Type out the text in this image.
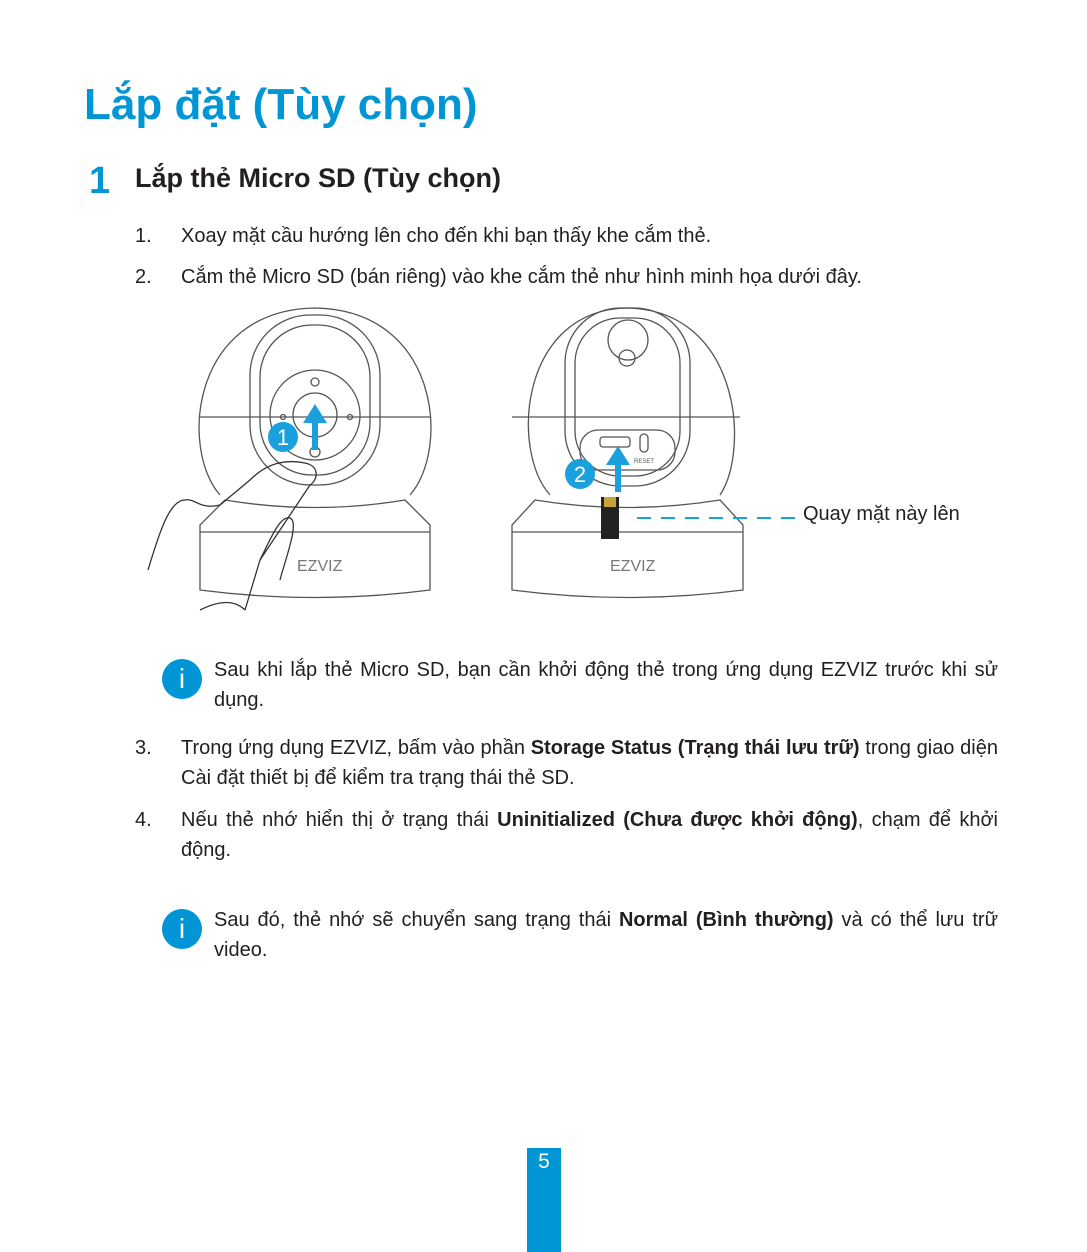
Lắp đặt (Tùy chọn)
1 Lắp thẻ Micro SD (Tùy chọn)
1. Xoay mặt cầu hướng lên cho đến khi bạn thấy khe cắm thẻ.
2. Cắm thẻ Micro SD (bán riêng) vào khe cắm thẻ như hình minh họa dưới đây.
EZVIZ
1
RESET
EZVIZ
2
Quay mặt này lên
i	Sau khi lắp thẻ Micro SD, bạn cần khởi động thẻ trong ứng dụng EZVIZ trước khi sử dụng.
3. Trong ứng dụng EZVIZ, bấm vào phần Storage Status (Trạng thái lưu trữ) trong giao diện Cài đặt thiết bị để kiểm tra trạng thái thẻ SD.
4. Nếu thẻ nhớ hiển thị ở trạng thái Uninitialized (Chưa được khởi động), chạm để khởi động.
i	Sau đó, thẻ nhớ sẽ chuyển sang trạng thái Normal (Bình thường) và có thể lưu trữ video.
5
